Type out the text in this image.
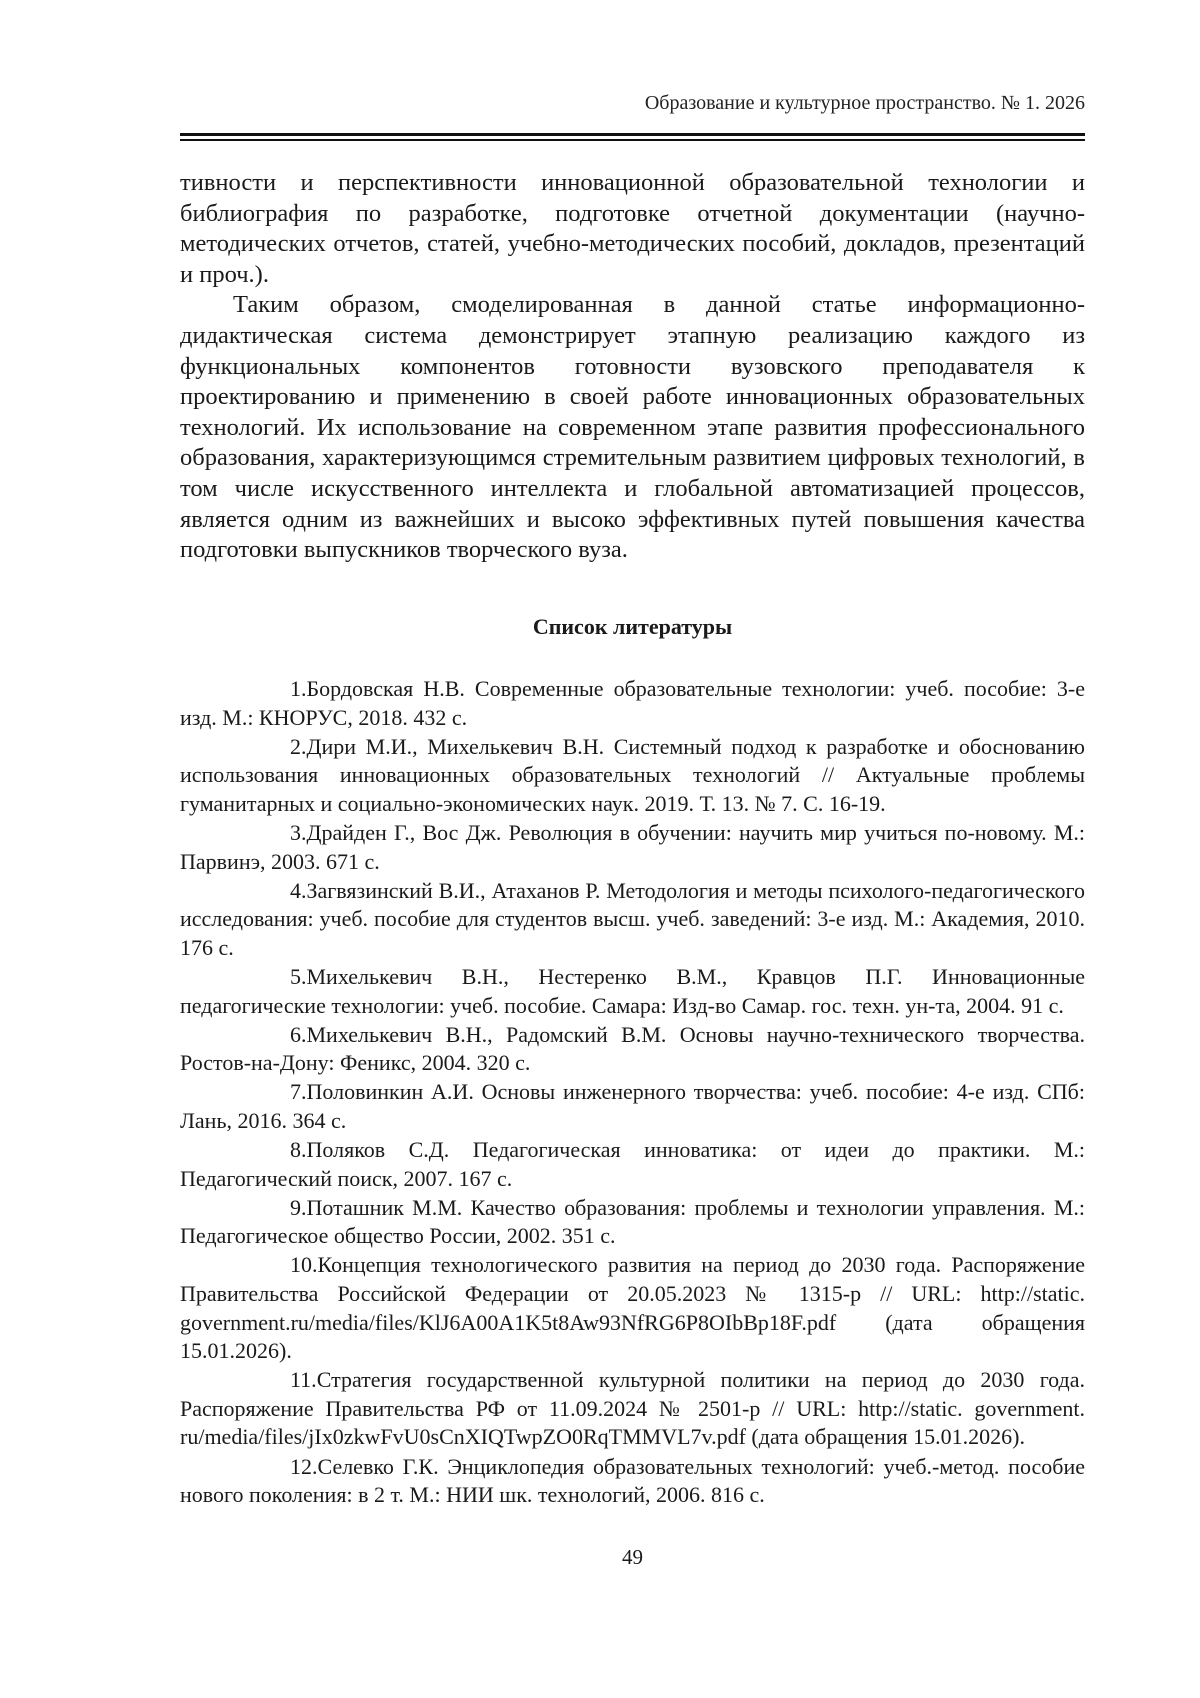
Образование и культурное пространство. № 1. 2026

тивности и перспективности инновационной образовательной технологии и библиография по разработке, подготовке отчетной документации (научно-методических отчетов, статей, учебно-методических пособий, докладов, презентаций и проч.).

Таким образом, смоделированная в данной статье информационно-дидактическая система демонстрирует этапную реализацию каждого из функциональных компонентов готовности вузовского преподавателя к проектированию и применению в своей работе инновационных образовательных технологий. Их использование на современном этапе развития профессионального образования, характеризующимся стремительным развитием цифровых технологий, в том числе искусственного интеллекта и глобальной автоматизацией процессов, является одним из важнейших и высоко эффективных путей повышения качества подготовки выпускников творческого вуза.

Список литературы

1.Бордовская Н.В. Современные образовательные технологии: учеб. пособие: 3-е изд. М.: КНОРУС, 2018. 432 с.

2.Дири М.И., Михелькевич В.Н. Системный подход к разработке и обоснованию использования инновационных образовательных технологий // Актуальные проблемы гуманитарных и социально-экономических наук. 2019. Т. 13. № 7. С. 16-19.

3.Драйден Г., Вос Дж. Революция в обучении: научить мир учиться по-новому. М.: Парвинэ, 2003. 671 с.

4.Загвязинский В.И., Атаханов Р. Методология и методы психолого-педагогического исследования: учеб. пособие для студентов высш. учеб. заведений: 3-е изд. М.: Академия, 2010. 176 с.

5.Михелькевич В.Н., Нестеренко В.М., Кравцов П.Г. Инновационные педагогические технологии: учеб. пособие. Самара: Изд-во Самар. гос. техн. ун-та, 2004. 91 с.

6.Михелькевич В.Н., Радомский В.М. Основы научно-технического творчества. Ростов-на-Дону: Феникс, 2004. 320 с.

7.Половинкин А.И. Основы инженерного творчества: учеб. пособие: 4-е изд. СПб: Лань, 2016. 364 с.

8.Поляков С.Д. Педагогическая инноватика: от идеи до практики. М.: Педагогический поиск, 2007. 167 с.

9.Поташник М.М. Качество образования: проблемы и технологии управления. М.: Педагогическое общество России, 2002. 351 с.

10.Концепция технологического развития на период до 2030 года. Распоряжение Правительства Российской Федерации от 20.05.2023 № 1315-р // URL: http://static. government.ru/media/files/KlJ6A00A1K5t8Aw93NfRG6P8OIbBp18F.pdf (дата обращения 15.01.2026).

11.Стратегия государственной культурной политики на период до 2030 года. Распоряжение Правительства РФ от 11.09.2024 № 2501-р // URL: http://static. government. ru/media/files/jIx0zkwFvU0sCnXIQTwpZO0RqTMMVL7v.pdf (дата обращения 15.01.2026).

12.Селевко Г.К. Энциклопедия образовательных технологий: учеб.-метод. пособие нового поколения: в 2 т. М.: НИИ шк. технологий, 2006. 816 с.

49
